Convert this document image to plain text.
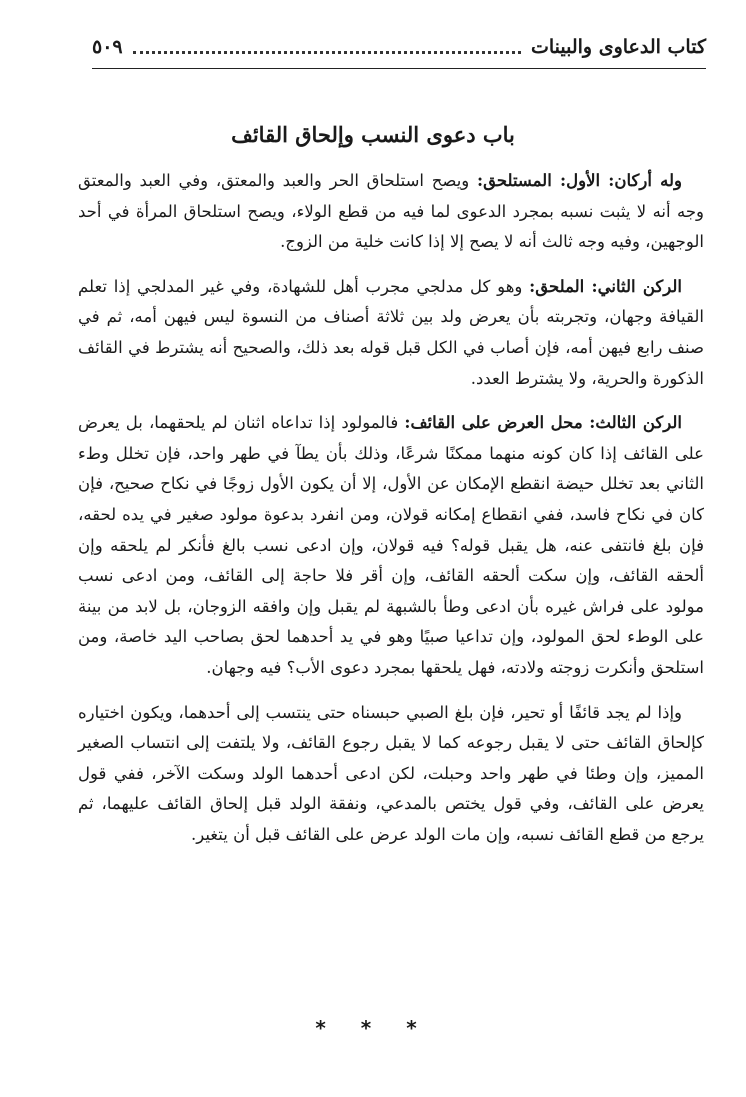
كتاب الدعاوى والبينات
٥٠٩
باب دعوى النسب وإلحاق القائف

وله أركان: الأول: المستلحق: ويصح استلحاق الحر والعبد والمعتق، وفي العبد والمعتق وجه أنه لا يثبت نسبه بمجرد الدعوى لما فيه من قطع الولاء، ويصح استلحاق المرأة في أحد الوجهين، وفيه وجه ثالث أنه لا يصح إلا إذا كانت خلية من الزوج.

الركن الثاني: الملحق: وهو كل مدلجي مجرب أهل للشهادة، وفي غير المدلجي إذا تعلم القيافة وجهان، وتجربته بأن يعرض ولد بين ثلاثة أصناف من النسوة ليس فيهن أمه، ثم في صنف رابع فيهن أمه، فإن أصاب في الكل قبل قوله بعد ذلك، والصحيح أنه يشترط في القائف الذكورة والحرية، ولا يشترط العدد.

الركن الثالث: محل العرض على القائف: فالمولود إذا تداعاه اثنان لم يلحقهما، بل يعرض على القائف إذا كان كونه منهما ممكنًا شرعًا، وذلك بأن يطآ في طهر واحد، فإن تخلل وطء الثاني بعد تخلل حيضة انقطع الإمكان عن الأول، إلا أن يكون الأول زوجًا في نكاح صحيح، فإن كان في نكاح فاسد، ففي انقطاع إمكانه قولان، ومن انفرد بدعوة مولود صغير في يده لحقه، فإن بلغ فانتفى عنه، هل يقبل قوله؟ فيه قولان، وإن ادعى نسب بالغ فأنكر لم يلحقه وإن ألحقه القائف، وإن سكت ألحقه القائف، وإن أقر فلا حاجة إلى القائف، ومن ادعى نسب مولود على فراش غيره بأن ادعى وطأ بالشبهة لم يقبل وإن وافقه الزوجان، بل لابد من بينة على الوطء لحق المولود، وإن تداعيا صبيًا وهو في يد أحدهما لحق بصاحب اليد خاصة، ومن استلحق وأنكرت زوجته ولادته، فهل يلحقها بمجرد دعوى الأب؟ فيه وجهان.

وإذا لم يجد قائفًا أو تحير، فإن بلغ الصبي حبسناه حتى ينتسب إلى أحدهما، ويكون اختياره كإلحاق القائف حتى لا يقبل رجوعه كما لا يقبل رجوع القائف، ولا يلتفت إلى انتساب الصغير المميز، وإن وطئا في طهر واحد وحبلت، لكن ادعى أحدهما الولد وسكت الآخر، ففي قول يعرض على القائف، وفي قول يختص بالمدعي، ونفقة الولد قبل إلحاق القائف عليهما، ثم يرجع من قطع القائف نسبه، وإن مات الولد عرض على القائف قبل أن يتغير.

* * *
